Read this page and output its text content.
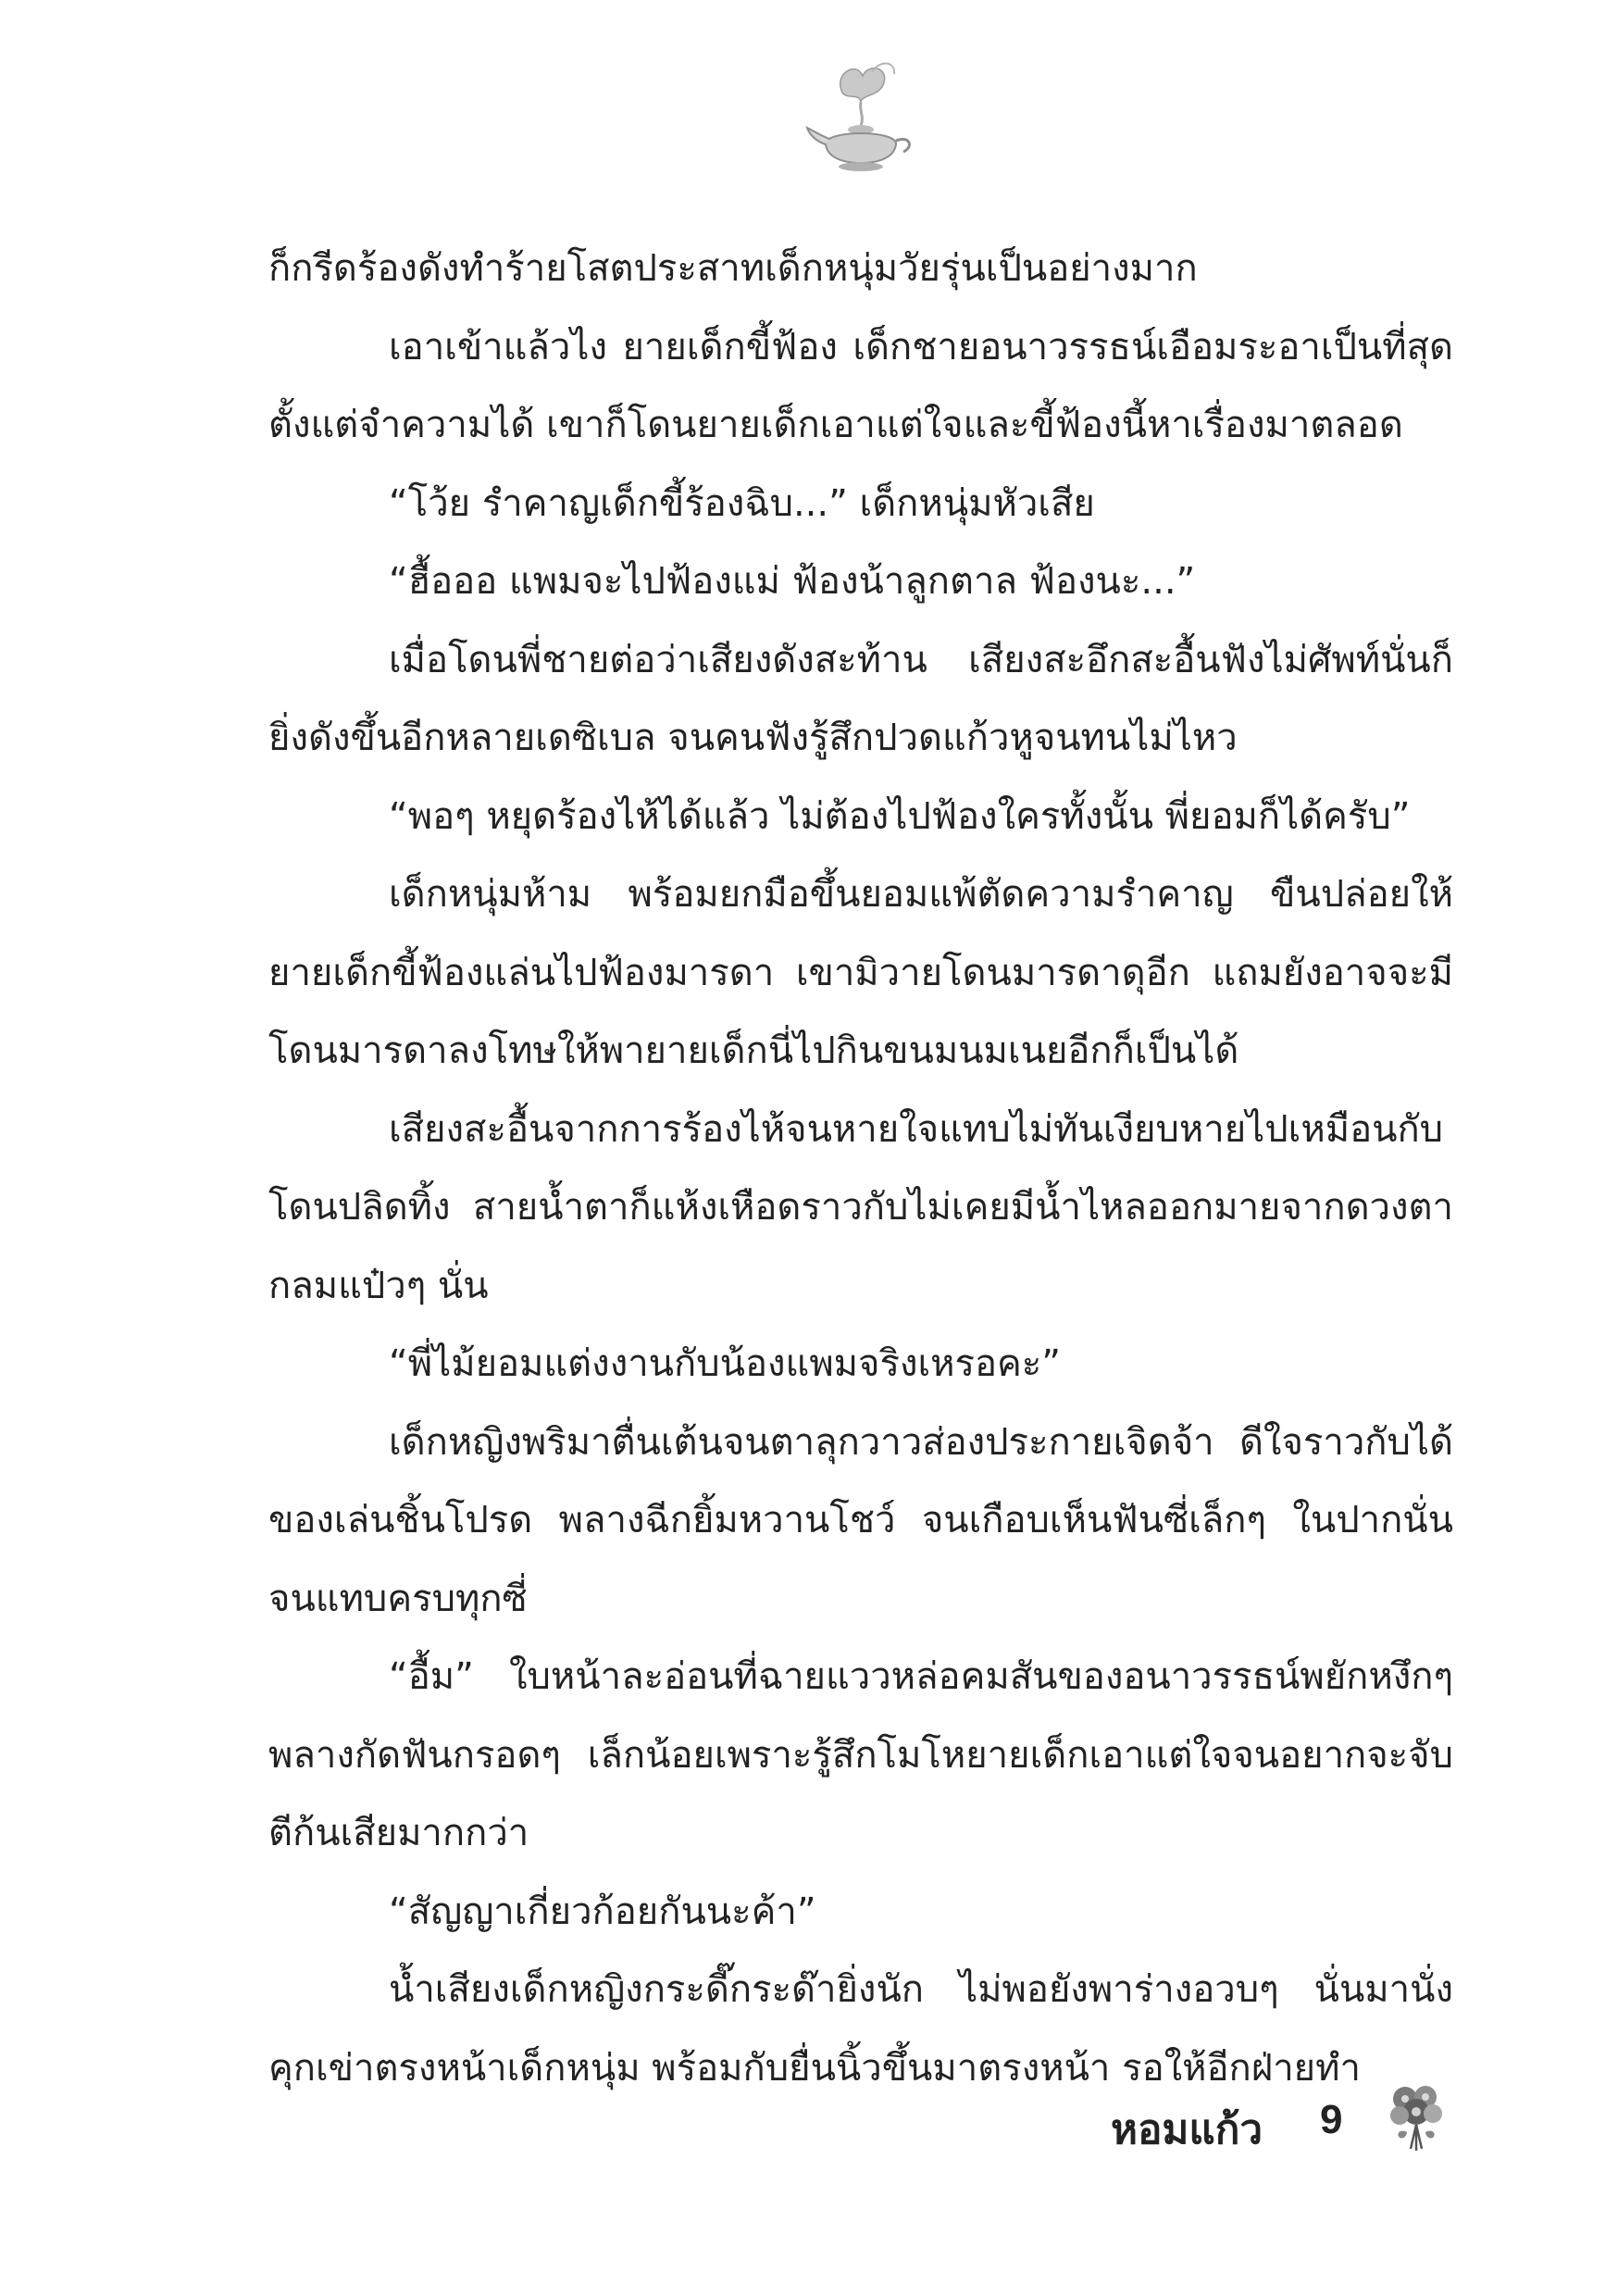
ก็กรีดร้องดังทำร้ายโสตประสาทเด็กหนุ่มวัยรุ่นเป็นอย่างมาก

เอาเข้าแล้วไง ยายเด็กขี้ฟ้อง เด็กชายอนาวรรธน์เอือมระอาเป็นที่สุด ตั้งแต่จำความได้ เขาก็โดนยายเด็กเอาแต่ใจและขี้ฟ้องนี้หาเรื่องมาตลอด

“โว้ย รำคาญเด็กขี้ร้องฉิบ...” เด็กหนุ่มหัวเสีย

“ฮื้อออ แพมจะไปฟ้องแม่ ฟ้องน้าลูกตาล ฟ้องนะ...”

เมื่อโดนพี่ชายต่อว่าเสียงดังสะท้าน เสียงสะอึกสะอื้นฟังไม่ศัพท์นั่นก็ยิ่งดังขึ้นอีกหลายเดซิเบล จนคนฟังรู้สึกปวดแก้วหูจนทนไม่ไหว

“พอๆ หยุดร้องไห้ได้แล้ว ไม่ต้องไปฟ้องใครทั้งนั้น พี่ยอมก็ได้ครับ”

เด็กหนุ่มห้าม พร้อมยกมือขึ้นยอมแพ้ตัดความรำคาญ ขืนปล่อยให้ยายเด็กขี้ฟ้องแล่นไปฟ้องมารดา เขามิวายโดนมารดาดุอีก แถมยังอาจจะมีโดนมารดาลงโทษให้พายายเด็กนี่ไปกินขนมนมเนยอีกก็เป็นได้

เสียงสะอื้นจากการร้องไห้จนหายใจแทบไม่ทันเงียบหายไปเหมือนกับโดนปลิดทิ้ง สายน้ำตาก็แห้งเหือดราวกับไม่เคยมีน้ำไหลออกมายจากดวงตากลมแป๋วๆ นั่น

“พี่ไม้ยอมแต่งงานกับน้องแพมจริงเหรอคะ”

เด็กหญิงพริมาตื่นเต้นจนตาลุกวาวส่องประกายเจิดจ้า ดีใจราวกับได้ของเล่นชิ้นโปรด พลางฉีกยิ้มหวานโชว์ จนเกือบเห็นฟันซี่เล็กๆ ในปากนั่นจนแทบครบทุกซี่

“อื้ม” ใบหน้าละอ่อนที่ฉายแววหล่อคมสันของอนาวรรธน์พยักหงึกๆ พลางกัดฟันกรอดๆ เล็กน้อยเพราะรู้สึกโมโหยายเด็กเอาแต่ใจจนอยากจะจับตีก้นเสียมากกว่า

“สัญญาเกี่ยวก้อยกันนะค้า”

น้ำเสียงเด็กหญิงกระดี๊กระด๊ายิ่งนัก ไม่พอยังพาร่างอวบๆ นั่นมานั่งคุกเข่าตรงหน้าเด็กหนุ่ม พร้อมกับยื่นนิ้วขึ้นมาตรงหน้า รอให้อีกฝ่ายทำ

หอมแก้ว 9
